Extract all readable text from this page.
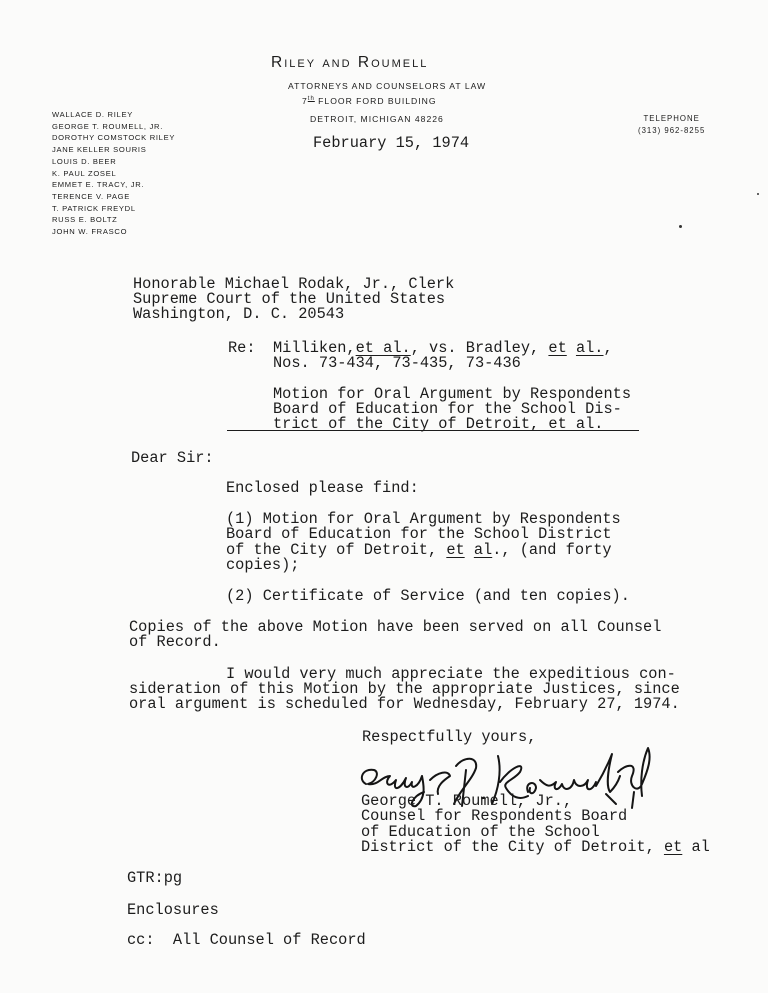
Riley and Roumell
ATTORNEYS AND COUNSELORS AT LAW
7th FLOOR FORD BUILDING
DETROIT, MICHIGAN 48226
WALLACE D. RILEY
GEORGE T. ROUMELL, JR.
DOROTHY COMSTOCK RILEY
JANE KELLER SOURIS
LOUIS D. BEER
K. PAUL ZOSEL
EMMET E. TRACY, JR.
TERENCE V. PAGE
T. PATRICK FREYDL
RUSS E. BOLTZ
JOHN W. FRASCO
TELEPHONE
(313) 962-8255
February 15, 1974
Honorable Michael Rodak, Jr., Clerk
Supreme Court of the United States
Washington, D. C. 20543
Re: Milliken,et al., vs. Bradley, et al.,
Nos. 73-434, 73-435, 73-436
Motion for Oral Argument by Respondents
Board of Education for the School Dis-
trict of the City of Detroit, et al.
Dear Sir:
Enclosed please find:
(1) Motion for Oral Argument by Respondents
Board of Education for the School District
of the City of Detroit, et al., (and forty
copies);
(2) Certificate of Service (and ten copies).
Copies of the above Motion have been served on all Counsel
of Record.
I would very much appreciate the expeditious con-
sideration of this Motion by the appropriate Justices, since
oral argument is scheduled for Wednesday, February 27, 1974.
Respectfully yours,
George T. Roumell, Jr.,
Counsel for Respondents Board
of Education of the School
District of the City of Detroit, et al
GTR:pg
Enclosures
cc: All Counsel of Record
